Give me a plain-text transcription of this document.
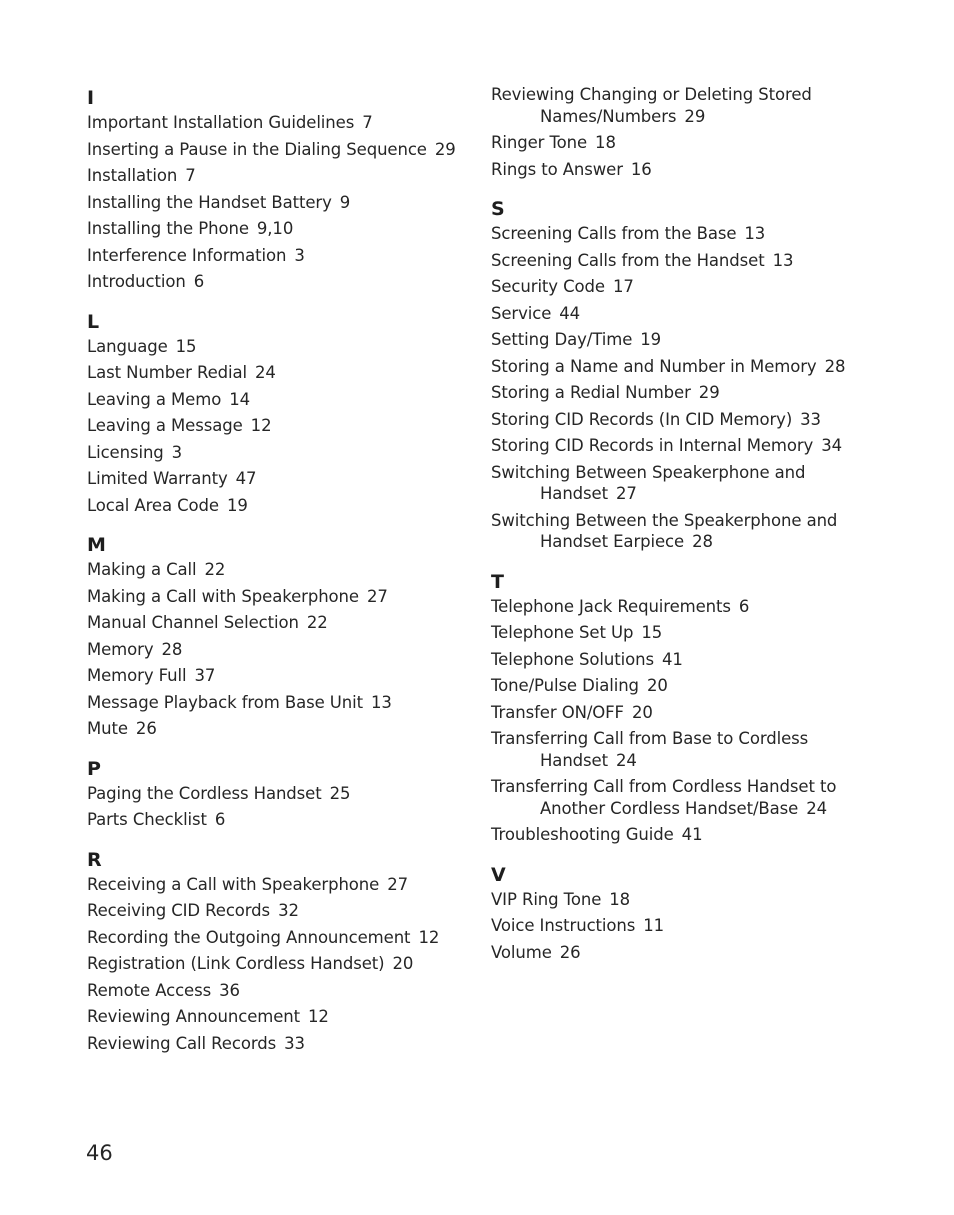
I
Important Installation Guidelines 7
Inserting a Pause in the Dialing Sequence 29
Installation 7
Installing the Handset Battery 9
Installing the Phone 9,10
Interference Information 3
Introduction 6
L
Language 15
Last Number Redial 24
Leaving a Memo 14
Leaving a Message 12
Licensing 3
Limited Warranty 47
Local Area Code 19
M
Making a Call 22
Making a Call with Speakerphone 27
Manual Channel Selection 22
Memory 28
Memory Full 37
Message Playback from Base Unit 13
Mute 26
P
Paging the Cordless Handset 25
Parts Checklist 6
R
Receiving a Call with Speakerphone 27
Receiving CID Records 32
Recording the Outgoing Announcement 12
Registration (Link Cordless Handset) 20
Remote Access 36
Reviewing Announcement 12
Reviewing Call Records 33
Reviewing Changing or Deleting Stored
Names/Numbers 29
Ringer Tone 18
Rings to Answer 16
S
Screening Calls from the Base 13
Screening Calls from the Handset 13
Security Code 17
Service 44
Setting Day/Time 19
Storing a Name and Number in Memory 28
Storing a Redial Number 29
Storing CID Records (In CID Memory) 33
Storing CID Records in Internal Memory 34
Switching Between Speakerphone and
Handset 27
Switching Between the Speakerphone and
Handset Earpiece 28
T
Telephone Jack Requirements 6
Telephone Set Up 15
Telephone Solutions 41
Tone/Pulse Dialing 20
Transfer ON/OFF 20
Transferring Call from Base to Cordless
Handset 24
Transferring Call from Cordless Handset to
Another Cordless Handset/Base 24
Troubleshooting Guide 41
V
VIP Ring Tone 18
Voice Instructions 11
Volume 26
46
